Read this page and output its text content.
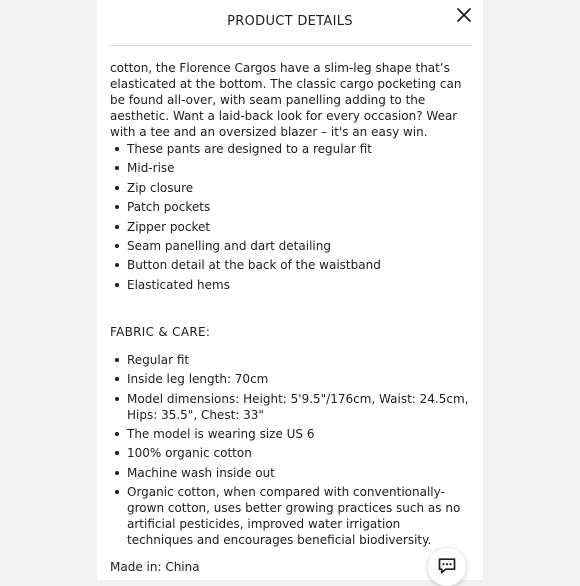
PRODUCT DETAILS

cotton, the Florence Cargos have a slim-leg shape that’s elasticated at the bottom. The classic cargo pocketing can be found all-over, with seam panelling adding to the aesthetic. Want a laid-back look for every occasion? Wear with a tee and an oversized blazer – it's an easy win.

These pants are designed to a regular fit
Mid-rise
Zip closure
Patch pockets
Zipper pocket
Seam panelling and dart detailing
Button detail at the back of the waistband
Elasticated hems
FABRIC & CARE:
Regular fit
Inside leg length: 70cm
Model dimensions: Height: 5'9.5"/176cm, Waist: 24.5cm, Hips: 35.5", Chest: 33"
The model is wearing size US 6
100% organic cotton
Machine wash inside out
Organic cotton, when compared with conventionally-grown cotton, uses better growing practices such as no artificial pesticides, improved water irrigation techniques and encourages beneficial biodiversity.
Made in: China
